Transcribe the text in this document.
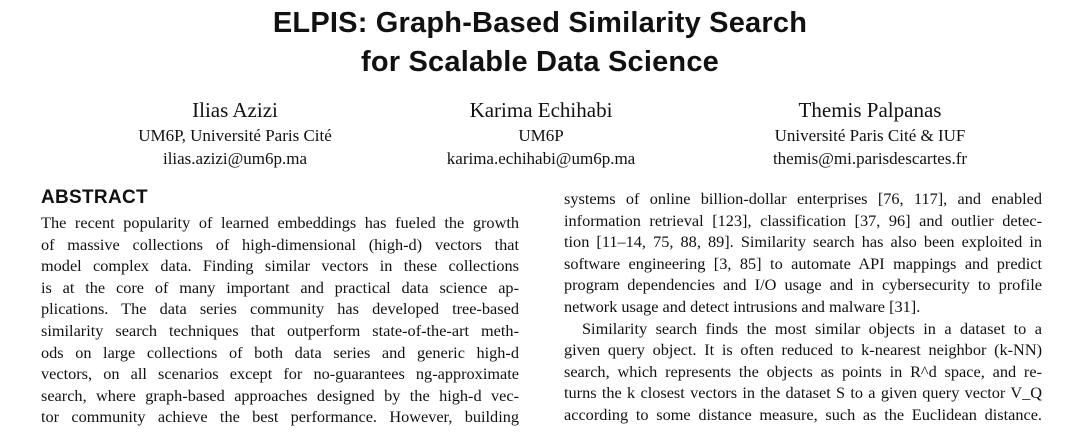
ELPIS: Graph-Based Similarity Search
for Scalable Data Science
Ilias Azizi
UM6P, Université Paris Cité
ilias.azizi@um6p.ma
Karima Echihabi
UM6P
karima.echihabi@um6p.ma
Themis Palpanas
Université Paris Cité & IUF
themis@mi.parisdescartes.fr
ABSTRACT
The recent popularity of learned embeddings has fueled the growth
of massive collections of high-dimensional (high-d) vectors that
model complex data. Finding similar vectors in these collections
is at the core of many important and practical data science ap-
plications. The data series community has developed tree-based
similarity search techniques that outperform state-of-the-art meth-
ods on large collections of both data series and generic high-d
vectors, on all scenarios except for no-guarantees ng-approximate
search, where graph-based approaches designed by the high-d vec-
tor community achieve the best performance. However, building
systems of online billion-dollar enterprises [76, 117], and enabled
information retrieval [123], classification [37, 96] and outlier detec-
tion [11–14, 75, 88, 89]. Similarity search has also been exploited in
software engineering [3, 85] to automate API mappings and predict
program dependencies and I/O usage and in cybersecurity to profile
network usage and detect intrusions and malware [31].
Similarity search finds the most similar objects in a dataset to a
given query object. It is often reduced to k-nearest neighbor (k-NN)
search, which represents the objects as points in R^d space, and re-
turns the k closest vectors in the dataset S to a given query vector V_Q
according to some distance measure, such as the Euclidean distance.
